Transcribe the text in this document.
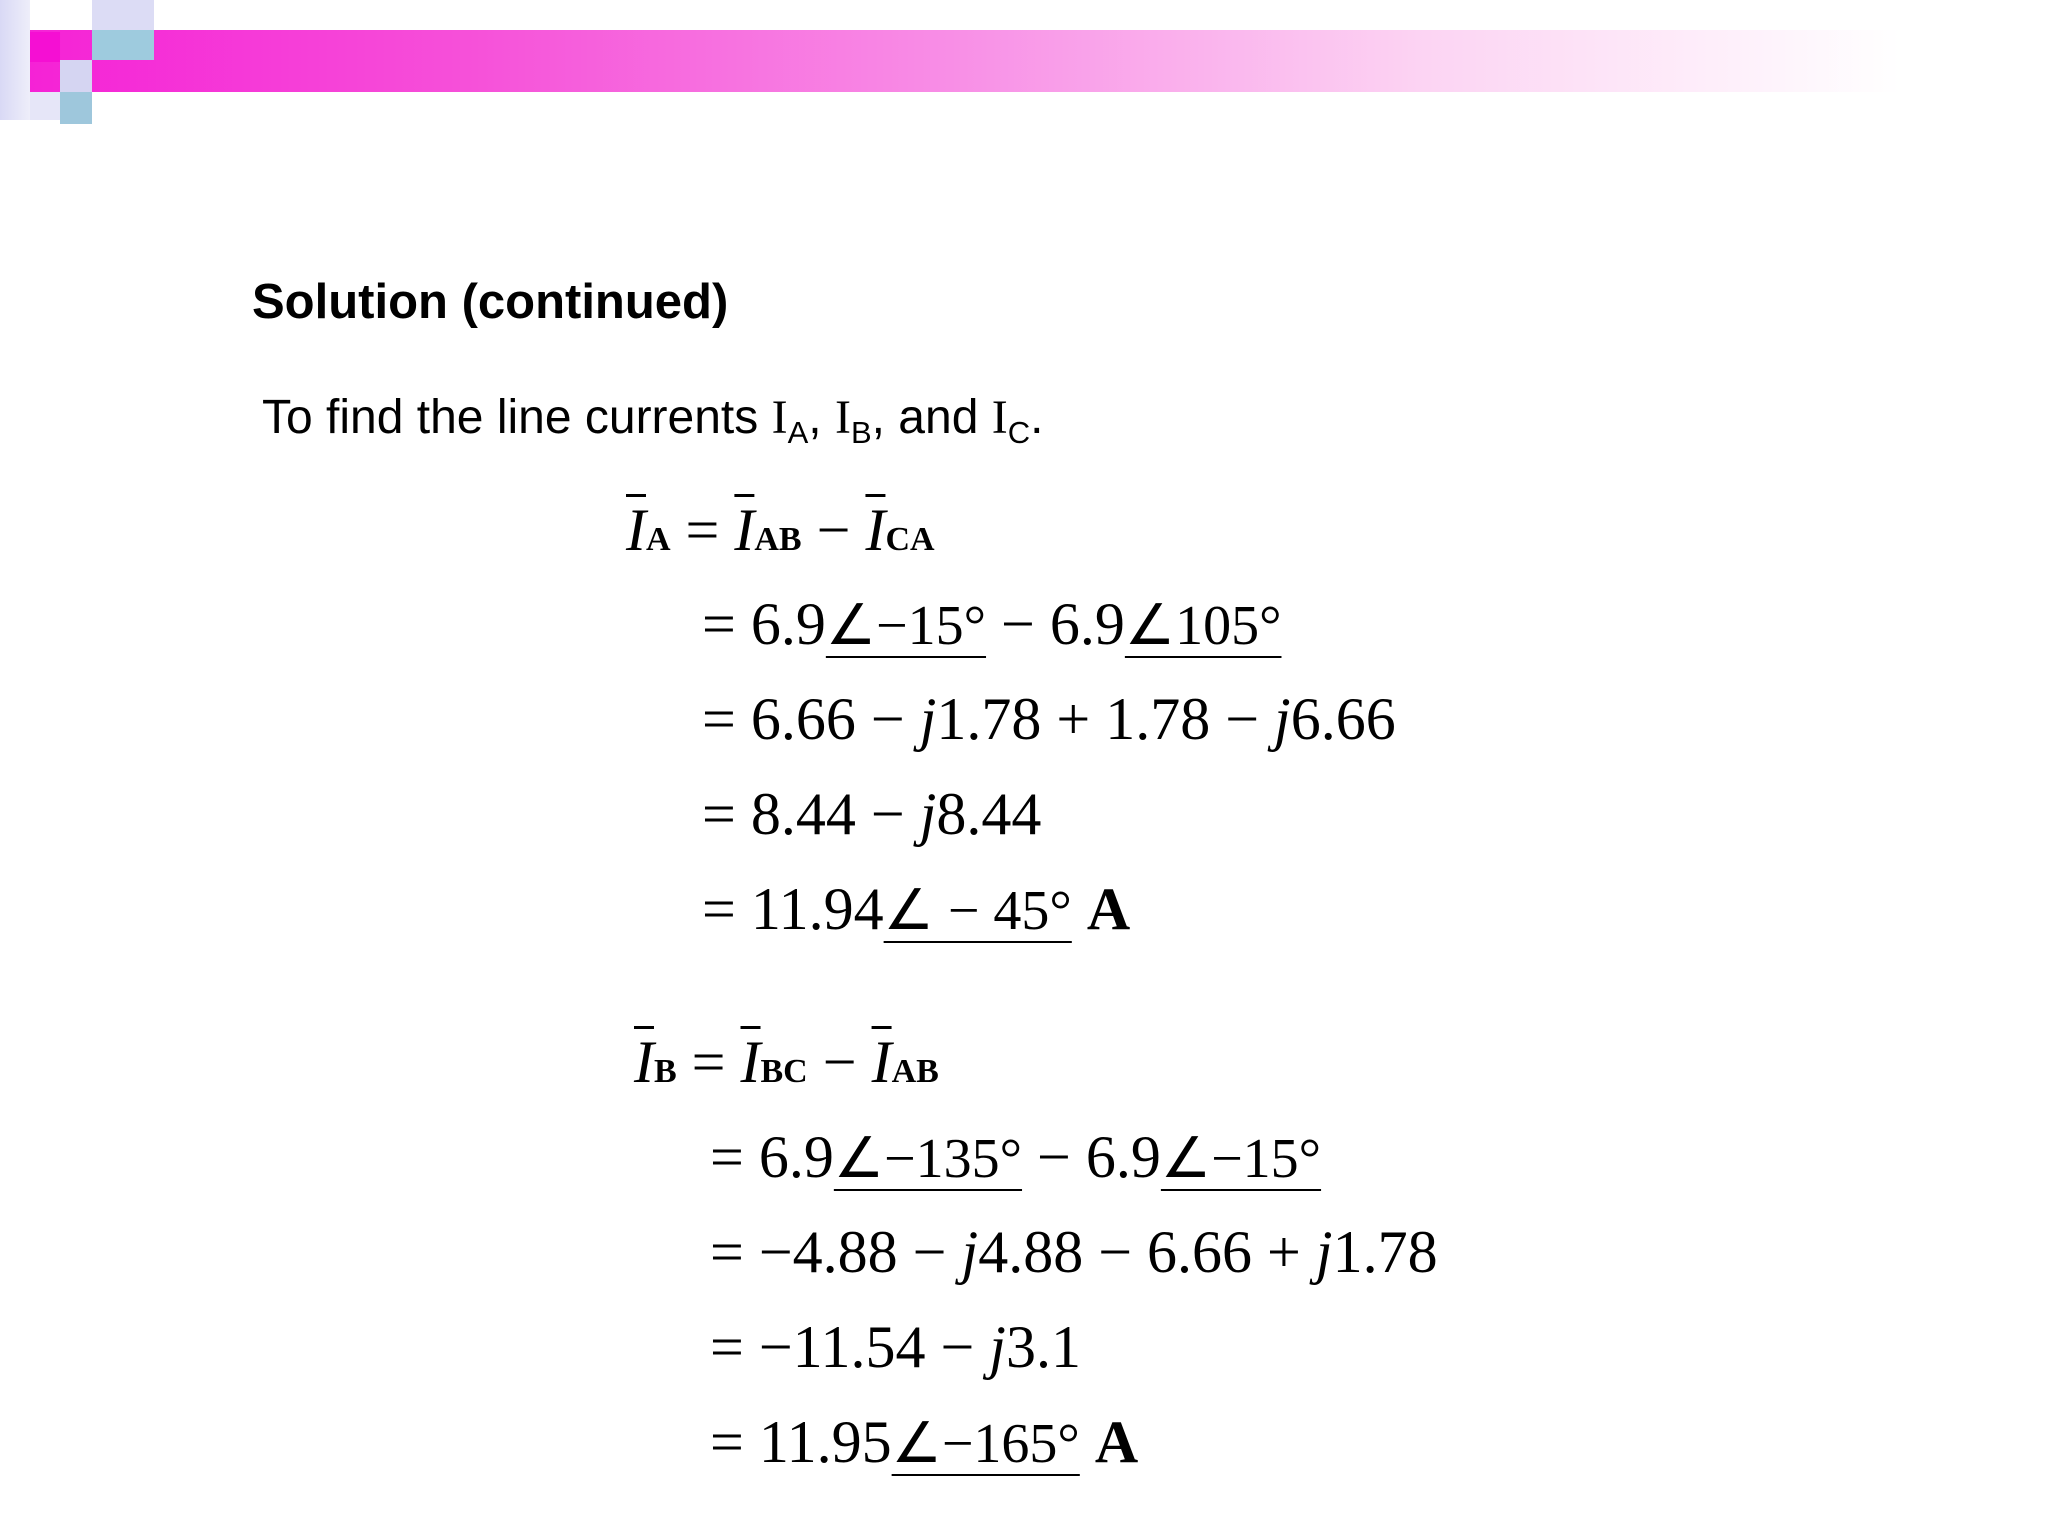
Solution (continued)
To find the line currents $I_A$, $I_B$, and $I_C$.
$\overline{I}A = \overline{I}AB - \overline{I}CA$
= 6.9∠−15° − 6.9∠105°
= 6.66 − j1.78 + 1.78 − j6.66
= 8.44 − j8.44
= 11.94∠ − 45° A
$\overline{I}B = \overline{I}BC - \overline{I}AB$
= 6.9∠−135° − 6.9∠−15°
= −4.88 − j4.88 − 6.66 + j1.78
= −11.54 − j3.1
= 11.95∠−165° A
